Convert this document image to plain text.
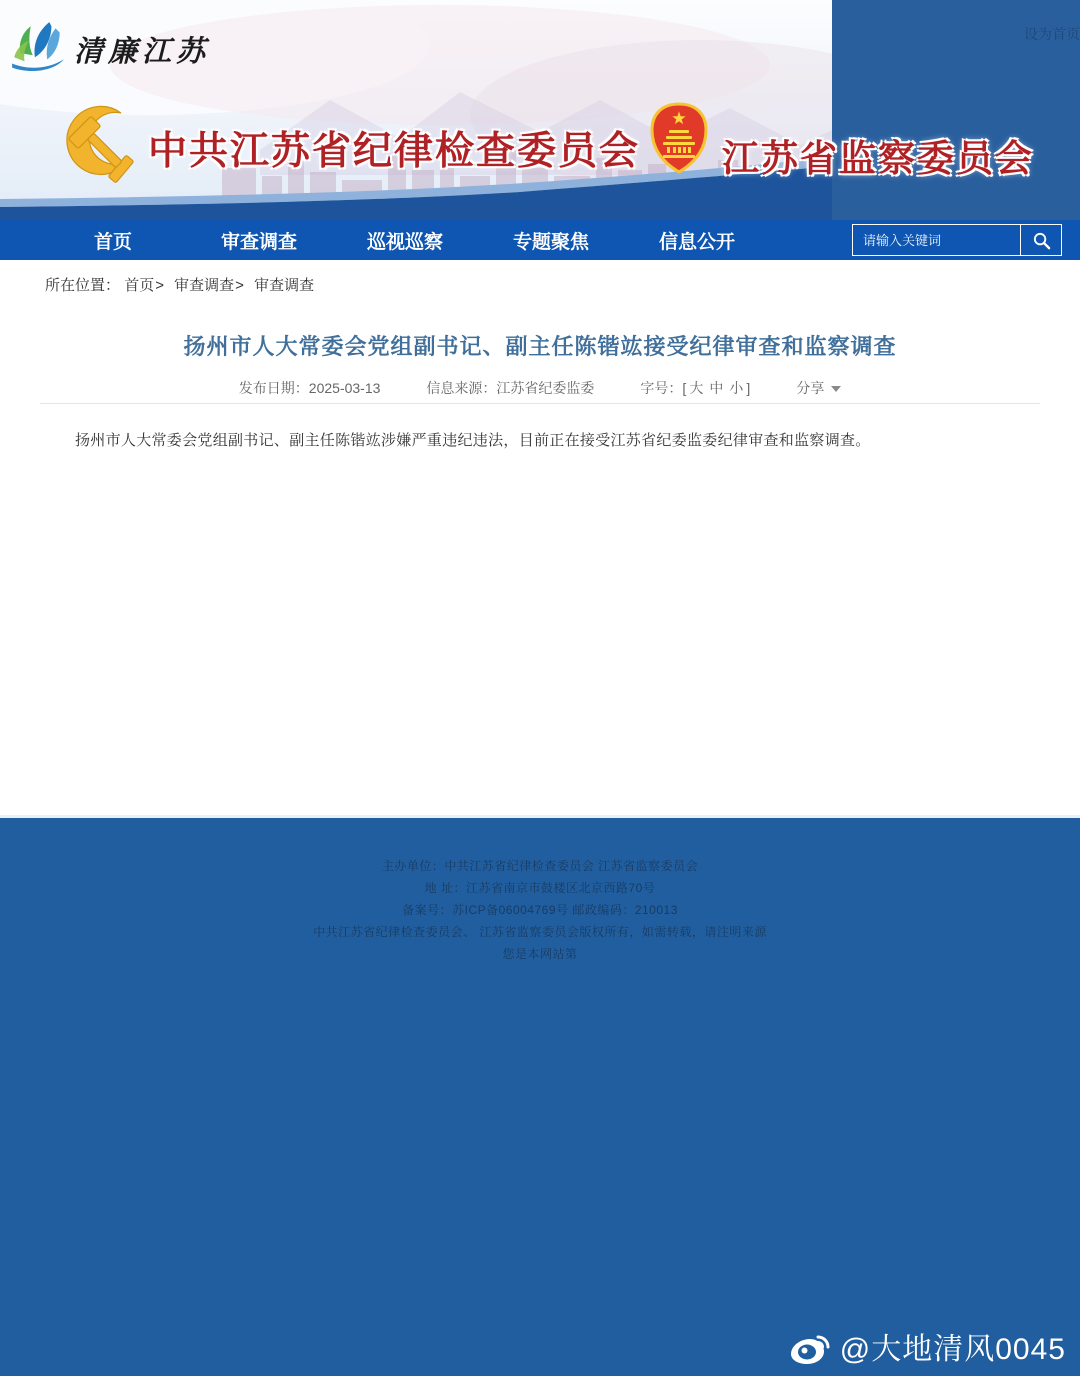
设为首页
清廉江苏
中共江苏省纪律检查委员会 江苏省监察委员会
首页	审查调查	巡视巡察	专题聚焦	信息公开
请输入关键词
所在位置： 首页> 审查调查> 审查调查
扬州市人大常委会党组副书记、副主任陈锴竑接受纪律审查和监察调查
发布日期：2025-03-13	信息来源：江苏省纪委监委	字号：[ 大 中 小 ]	分享

扬州市人大常委会党组副书记、副主任陈锴竑涉嫌严重违纪违法，目前正在接受江苏省纪委监委纪律审查和监察调查。

主办单位：中共江苏省纪律检查委员会 江苏省监察委员会
地 址：江苏省南京市鼓楼区北京西路70号
备案号：苏ICP备06004769号 邮政编码：210013
中共江苏省纪律检查委员会、 江苏省监察委员会版权所有，如需转载，请注明来源
您是本网站第
@大地清风0045
